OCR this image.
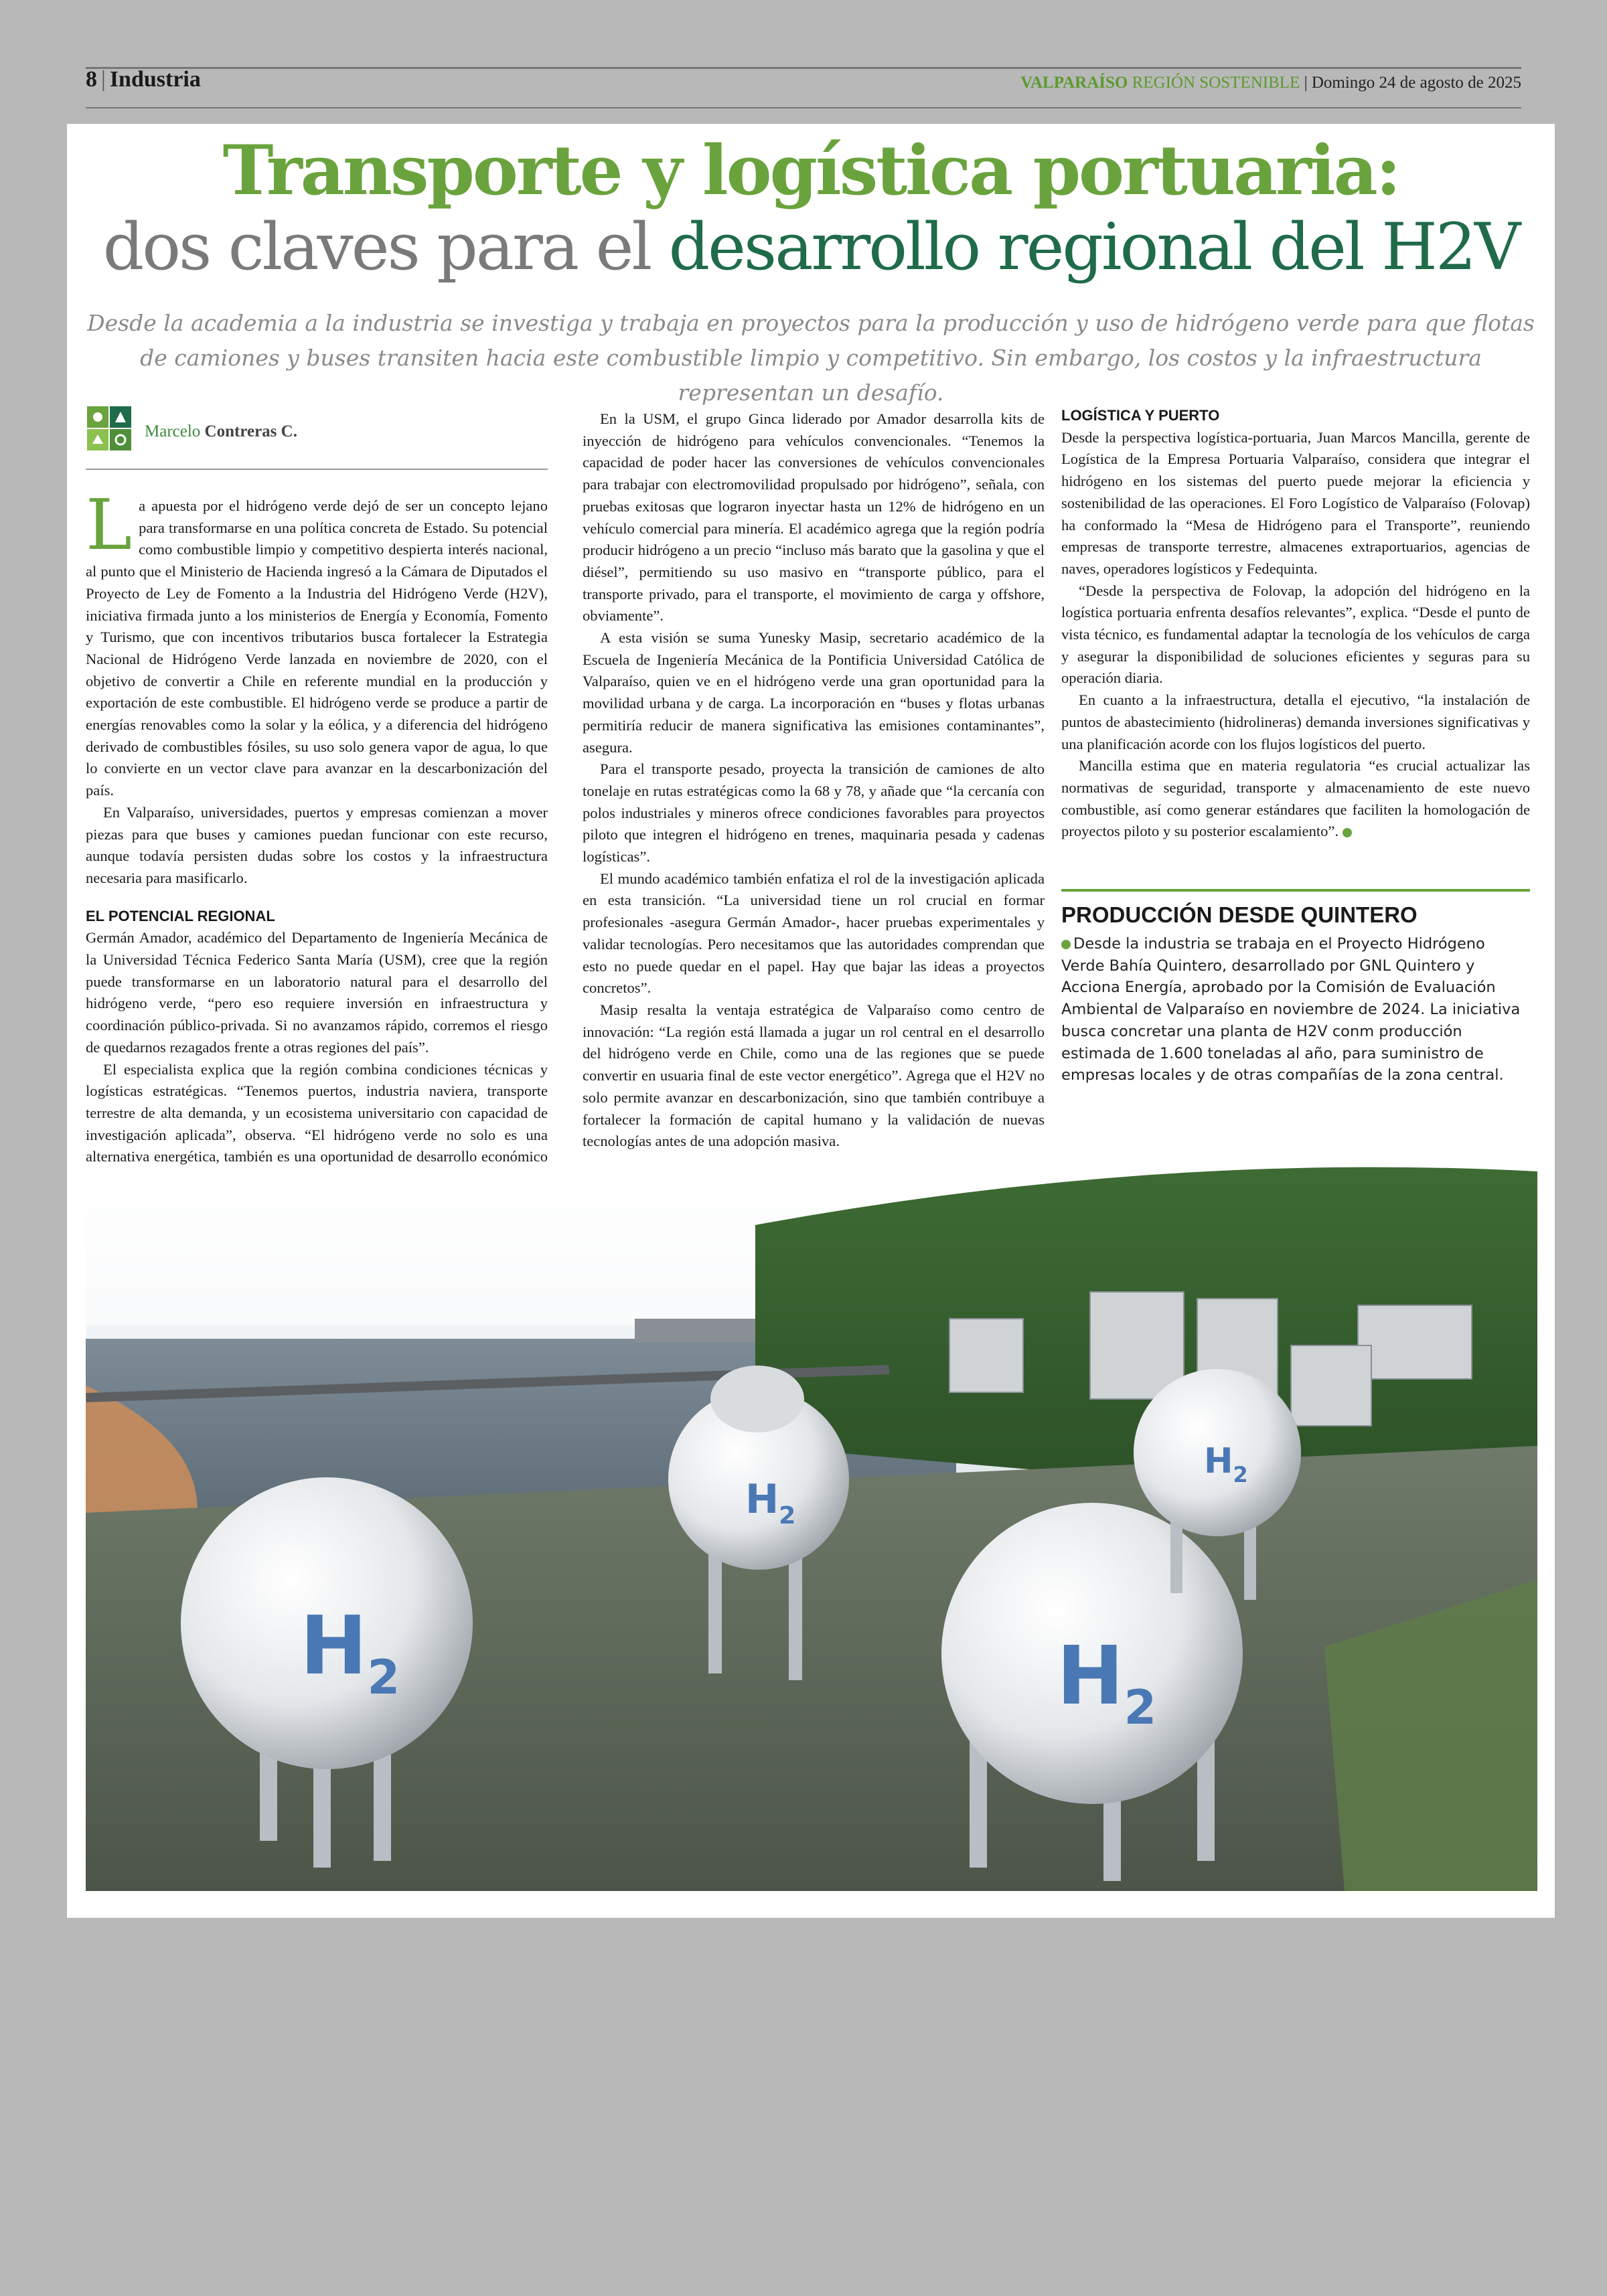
8 | Industria	VALPARAÍSO REGIÓN SOSTENIBLE | Domingo 24 de agosto de 2025
Transporte y logística portuaria:
dos claves para el desarrollo regional del H2V
Desde la academia a la industria se investiga y trabaja en proyectos para la producción y uso de hidrógeno verde para que flotas de camiones y buses transiten hacia este combustible limpio y competitivo. Sin embargo, los costos y la infraestructura representan un desafío.
Marcelo Contreras C.

La apuesta por el hidrógeno verde dejó de ser un concepto lejano para transformarse en una política concreta de Estado. Su potencial como combustible limpio y competitivo despierta interés nacional, al punto que el Ministerio de Hacienda ingresó a la Cámara de Diputados el Proyecto de Ley de Fomento a la Industria del Hidrógeno Verde (H2V), iniciativa firmada junto a los ministerios de Energía y Economía, Fomento y Turismo, que con incentivos tributarios busca fortalecer la Estrategia Nacional de Hidrógeno Verde lanzada en noviembre de 2020, con el objetivo de convertir a Chile en referente mundial en la producción y exportación de este combustible. El hidrógeno verde se produce a partir de energías renovables como la solar y la eólica, y a diferencia del hidrógeno derivado de combustibles fósiles, su uso solo genera vapor de agua, lo que lo convierte en un vector clave para avanzar en la descarbonización del país.

En Valparaíso, universidades, puertos y empresas comienzan a mover piezas para que buses y camiones puedan funcionar con este recurso, aunque todavía persisten dudas sobre los costos y la infraestructura necesaria para masificarlo.

EL POTENCIAL REGIONAL

Germán Amador, académico del Departamento de Ingeniería Mecánica de la Universidad Técnica Federico Santa María (USM), cree que la región puede transformarse en un laboratorio natural para el desarrollo del hidrógeno verde, “pero eso requiere inversión en infraestructura y coordinación público-privada. Si no avanzamos rápido, corremos el riesgo de quedarnos rezagados frente a otras regiones del país”.

El especialista explica que la región combina condiciones técnicas y logísticas estratégicas. “Tenemos puertos, industria naviera, transporte terrestre de alta demanda, y un ecosistema universitario con capacidad de investigación aplicada”, observa. “El hidrógeno verde no solo es una alternativa energética, también es una oportunidad de desarrollo económico

En la USM, el grupo Ginca liderado por Amador desarrolla kits de inyección de hidrógeno para vehículos convencionales. “Tenemos la capacidad de poder hacer las conversiones de vehículos convencionales para trabajar con electromovilidad propulsado por hidrógeno”, señala, con pruebas exitosas que lograron inyectar hasta un 12% de hidrógeno en un vehículo comercial para minería. El académico agrega que la región podría producir hidrógeno a un precio “incluso más barato que la gasolina y que el diésel”, permitiendo su uso masivo en “transporte público, para el transporte privado, para el transporte, el movimiento de carga y offshore, obviamente”.

A esta visión se suma Yunesky Masip, secretario académico de la Escuela de Ingeniería Mecánica de la Pontificia Universidad Católica de Valparaíso, quien ve en el hidrógeno verde una gran oportunidad para la movilidad urbana y de carga. La incorporación en “buses y flotas urbanas permitiría reducir de manera significativa las emisiones contaminantes”, asegura.

Para el transporte pesado, proyecta la transición de camiones de alto tonelaje en rutas estratégicas como la 68 y 78, y añade que “la cercanía con polos industriales y mineros ofrece condiciones favorables para proyectos piloto que integren el hidrógeno en trenes, maquinaria pesada y cadenas logísticas”.

El mundo académico también enfatiza el rol de la investigación aplicada en esta transición. “La universidad tiene un rol crucial en formar profesionales -asegura Germán Amador-, hacer pruebas experimentales y validar tecnologías. Pero necesitamos que las autoridades comprendan que esto no puede quedar en el papel. Hay que bajar las ideas a proyectos concretos”.

Masip resalta la ventaja estratégica de Valparaíso como centro de innovación: “La región está llamada a jugar un rol central en el desarrollo del hidrógeno verde en Chile, como una de las regiones que se puede convertir en usuaria final de este vector energético”. Agrega que el H2V no solo permite avanzar en descarbonización, sino que también contribuye a fortalecer la formación de capital humano y la validación de nuevas tecnologías antes de una adopción masiva.

LOGÍSTICA Y PUERTO

Desde la perspectiva logística-portuaria, Juan Marcos Mancilla, gerente de Logística de la Empresa Portuaria Valparaíso, considera que integrar el hidrógeno en los sistemas del puerto puede mejorar la eficiencia y sostenibilidad de las operaciones. El Foro Logístico de Valparaíso (Folovap) ha conformado la “Mesa de Hidrógeno para el Transporte”, reuniendo empresas de transporte terrestre, almacenes extraportuarios, agencias de naves, operadores logísticos y Fedequinta.

“Desde la perspectiva de Folovap, la adopción del hidrógeno en la logística portuaria enfrenta desafíos relevantes”, explica. “Desde el punto de vista técnico, es fundamental adaptar la tecnología de los vehículos de carga y asegurar la disponibilidad de soluciones eficientes y seguras para su operación diaria.

En cuanto a la infraestructura, detalla el ejecutivo, “la instalación de puntos de abastecimiento (hidrolineras) demanda inversiones significativas y una planificación acorde con los flujos logísticos del puerto.

Mancilla estima que en materia regulatoria “es crucial actualizar las normativas de seguridad, transporte y almacenamiento de este nuevo combustible, así como generar estándares que faciliten la homologación de proyectos piloto y su posterior escalamiento”.

PRODUCCIÓN DESDE QUINTERO
Desde la industria se trabaja en el Proyecto Hidrógeno Verde Bahía Quintero, desarrollado por GNL Quintero y Acciona Energía, aprobado por la Comisión de Evaluación Ambiental de Valparaíso en noviembre de 2024. La iniciativa busca concretar una planta de H2V conm producción estimada de 1.600 toneladas al año, para suministro de empresas locales y de otras compañías de la zona central.
$H_2$
$H_2$
$H_2$
$H_2$
